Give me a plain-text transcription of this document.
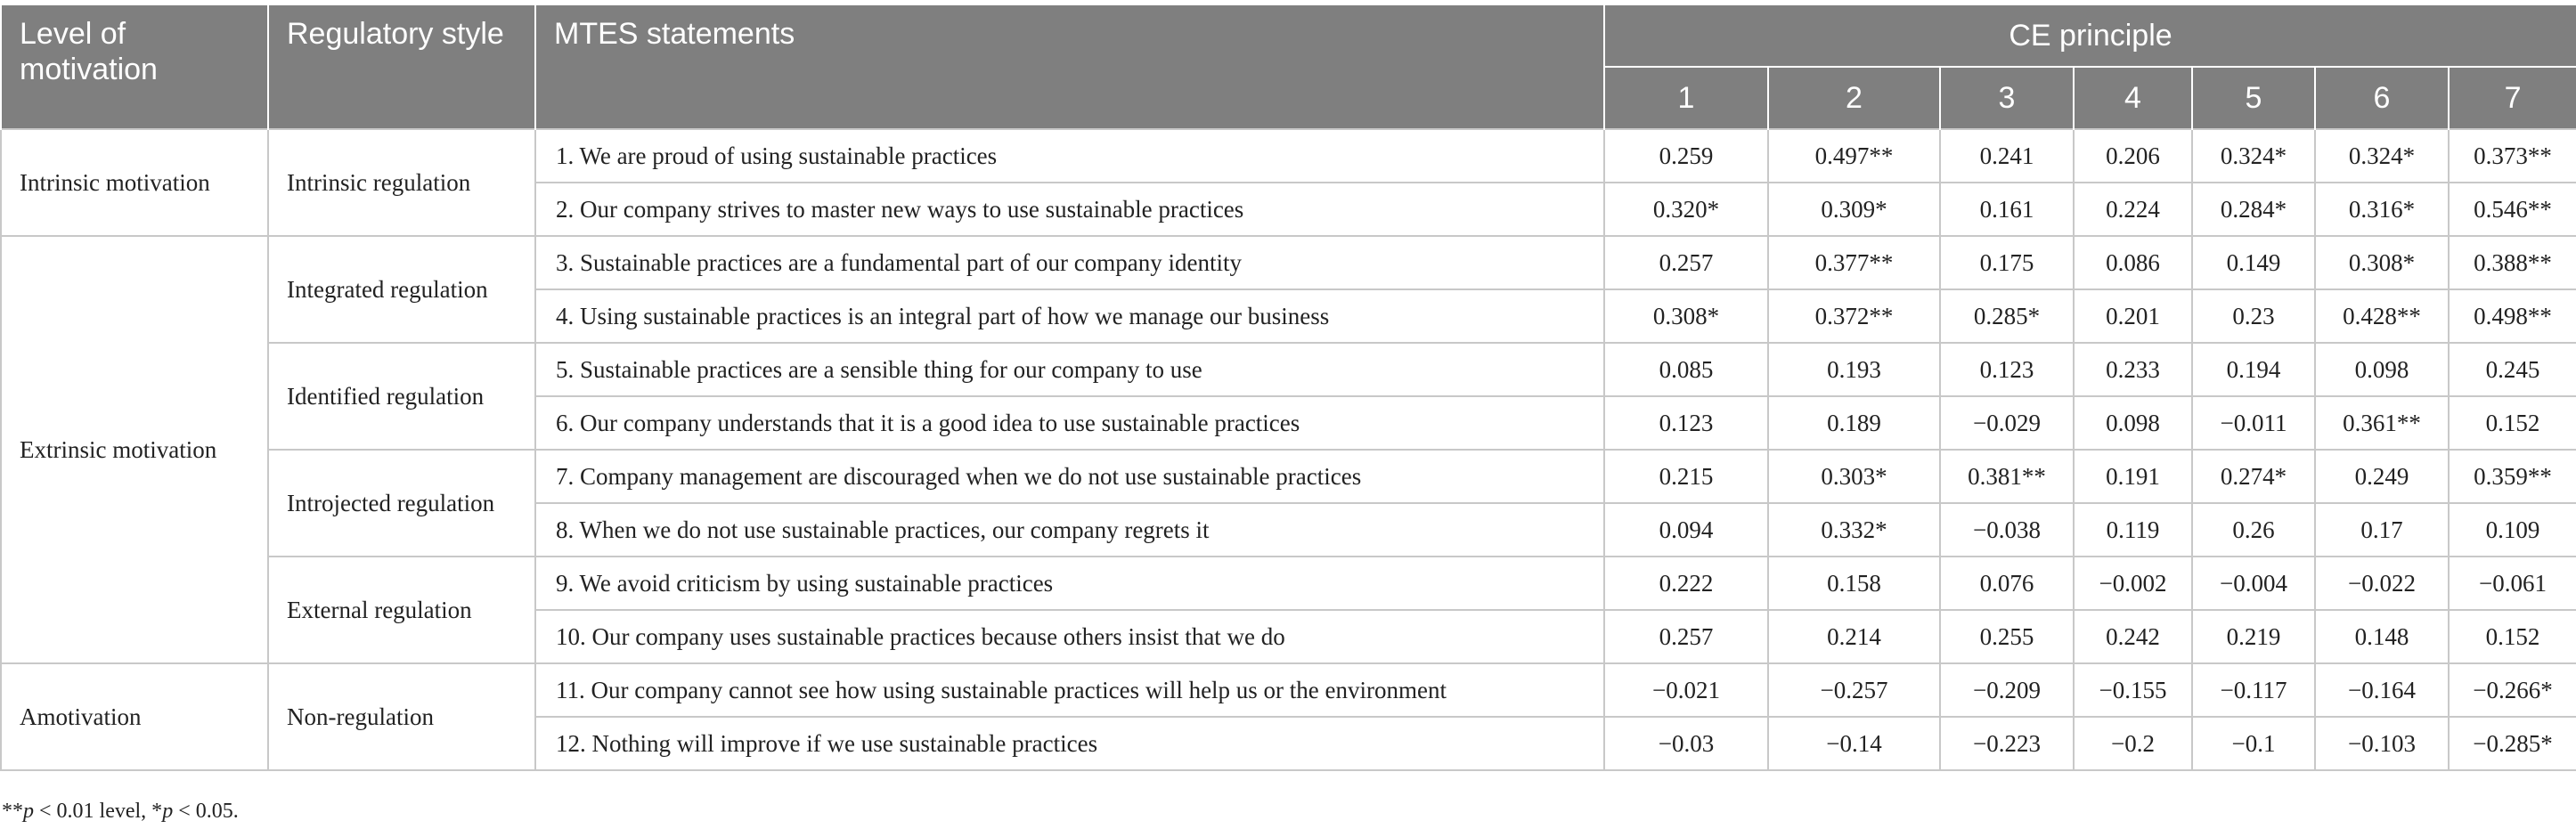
Level of motivation	Regulatory style	MTES statements	CE principle						
			1	2	3	4	5	6	7
Intrinsic motivation	Intrinsic regulation	1. We are proud of using sustainable practices	0.259	0.497**	0.241	0.206	0.324*	0.324*	0.373**
		2. Our company strives to master new ways to use sustainable practices	0.320*	0.309*	0.161	0.224	0.284*	0.316*	0.546**
Extrinsic motivation	Integrated regulation	3. Sustainable practices are a fundamental part of our company identity	0.257	0.377**	0.175	0.086	0.149	0.308*	0.388**
		4. Using sustainable practices is an integral part of how we manage our business	0.308*	0.372**	0.285*	0.201	0.23	0.428**	0.498**
	Identified regulation	5. Sustainable practices are a sensible thing for our company to use	0.085	0.193	0.123	0.233	0.194	0.098	0.245
		6. Our company understands that it is a good idea to use sustainable practices	0.123	0.189	−0.029	0.098	−0.011	0.361**	0.152
	Introjected regulation	7. Company management are discouraged when we do not use sustainable practices	0.215	0.303*	0.381**	0.191	0.274*	0.249	0.359**
		8. When we do not use sustainable practices, our company regrets it	0.094	0.332*	−0.038	0.119	0.26	0.17	0.109
	External regulation	9. We avoid criticism by using sustainable practices	0.222	0.158	0.076	−0.002	−0.004	−0.022	−0.061
		10. Our company uses sustainable practices because others insist that we do	0.257	0.214	0.255	0.242	0.219	0.148	0.152
Amotivation	Non-regulation	11. Our company cannot see how using sustainable practices will help us or the environment	−0.021	−0.257	−0.209	−0.155	−0.117	−0.164	−0.266*
		12. Nothing will improve if we use sustainable practices	−0.03	−0.14	−0.223	−0.2	−0.1	−0.103	−0.285*
**p < 0.01 level, *p < 0.05.
